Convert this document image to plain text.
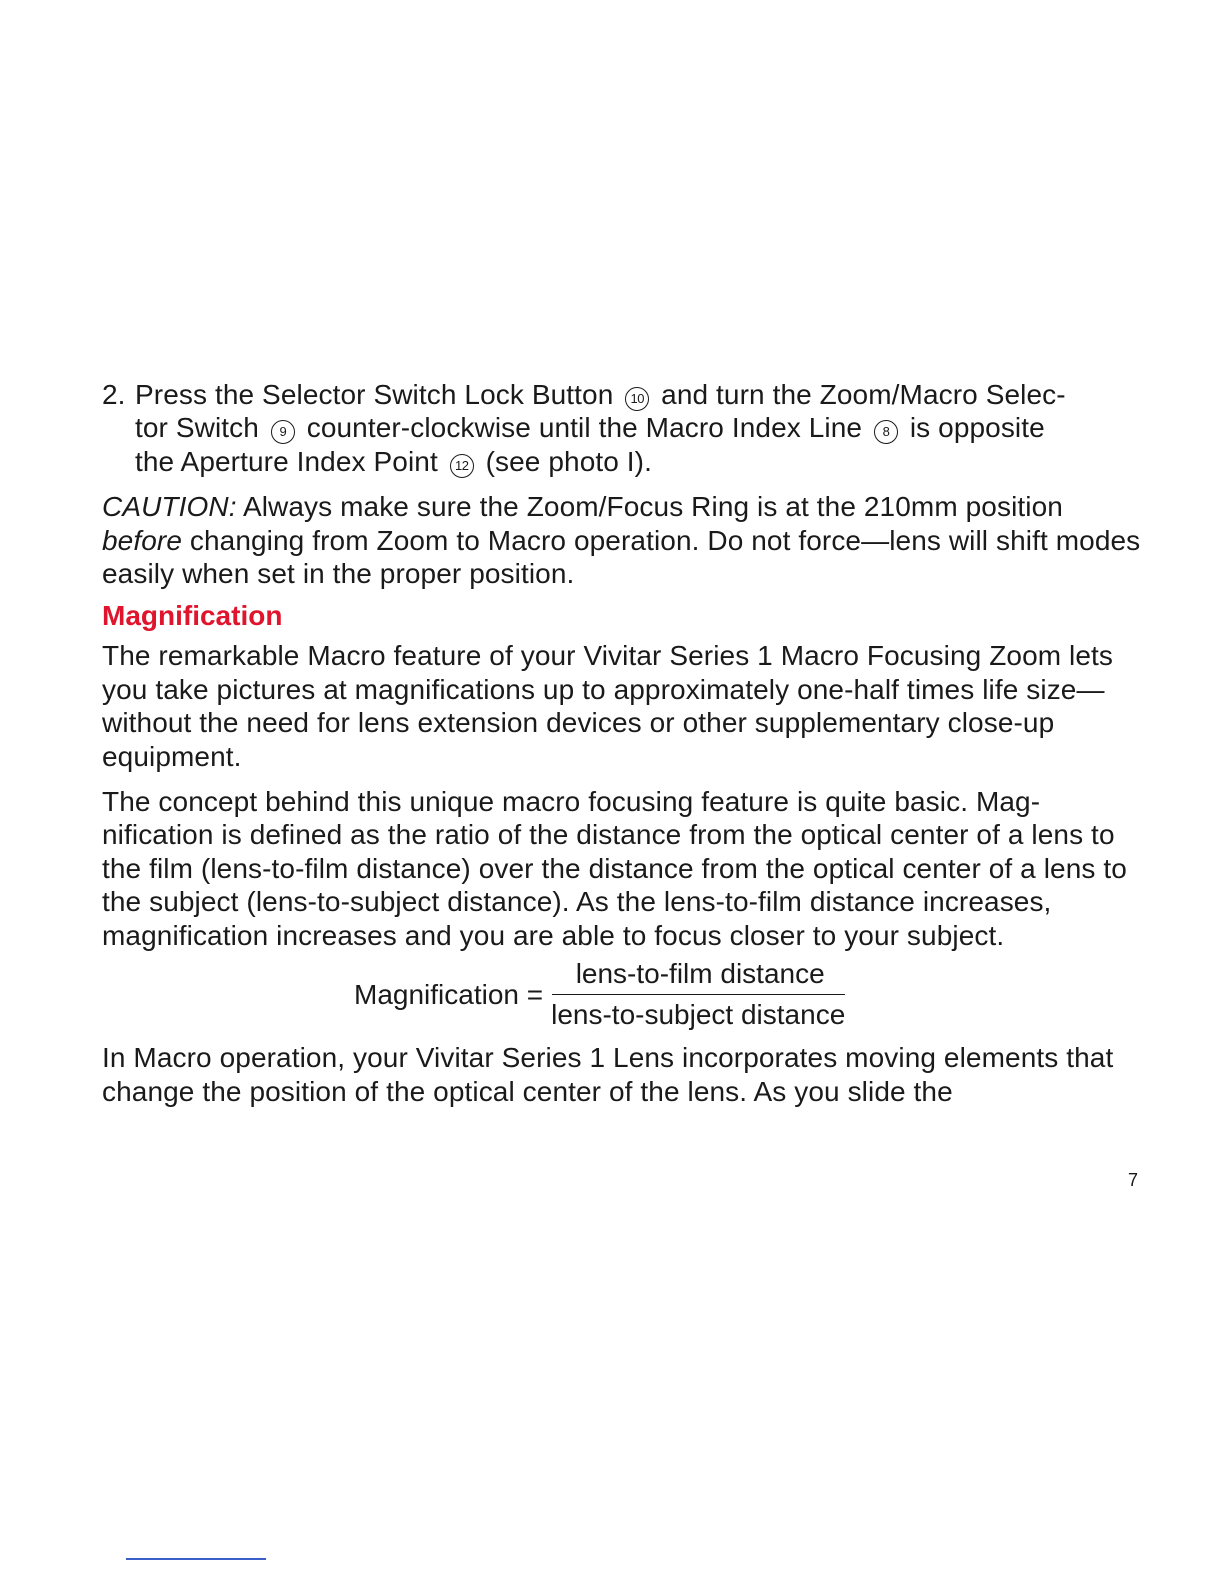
2. Press the Selector Switch Lock Button 10 and turn the Zoom/Macro Selec-
tor Switch 9 counter-clockwise until the Macro Index Line 8 is opposite
the Aperture Index Point 12 (see photo I).

CAUTION: Always make sure the Zoom/Focus Ring is at the 210mm position
before changing from Zoom to Macro operation. Do not force—lens will shift modes easily when set in the proper position.

Magnification

The remarkable Macro feature of your Vivitar Series 1 Macro Focusing Zoom lets you take pictures at magnifications up to approximately one-half times life size—without the need for lens extension devices or other supplementary close-up equipment.

The concept behind this unique macro focusing feature is quite basic. Mag- nification is defined as the ratio of the distance from the optical center of a lens to the film (lens-to-film distance) over the distance from the optical center of a lens to the subject (lens-to-subject distance). As the lens-to-film distance increases, magnification increases and you are able to focus closer to your subject.

Magnification = $\frac{\text{lens-to-film distance}}{\text{lens-to-subject distance}}$

In Macro operation, your Vivitar Series 1 Lens incorporates moving elements that change the position of the optical center of the lens. As you slide the

7
